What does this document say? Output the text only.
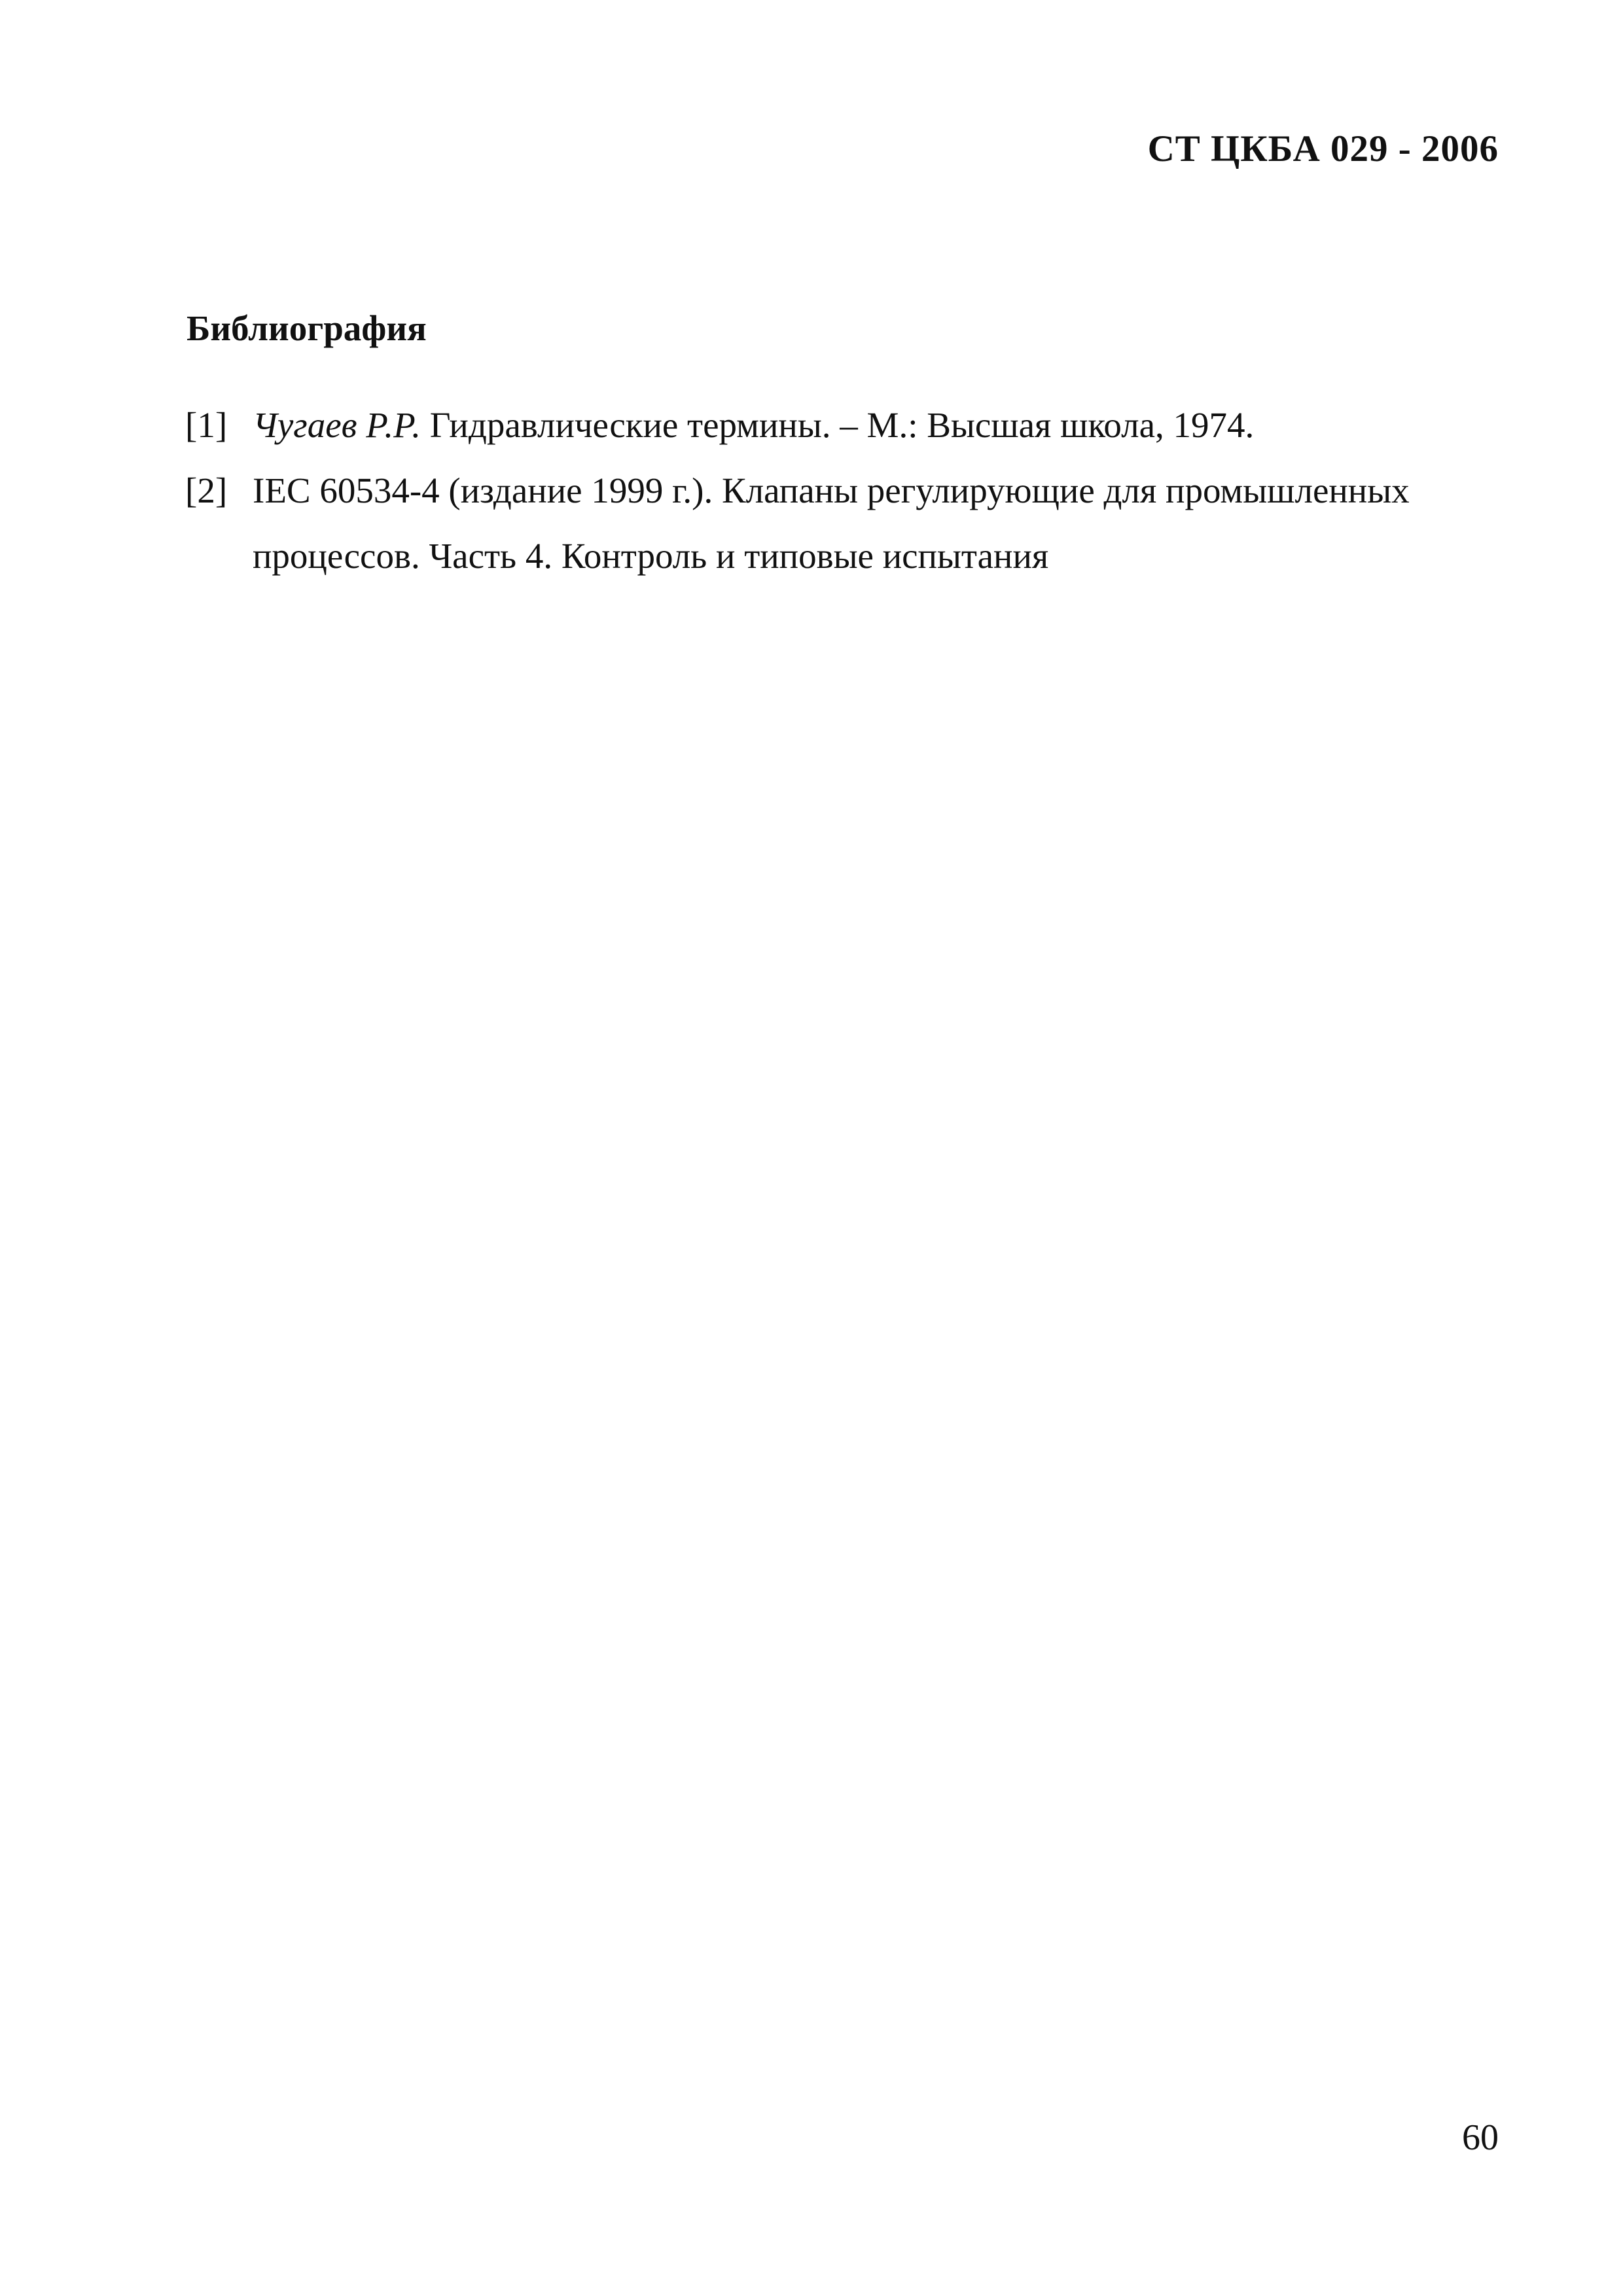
СТ ЦКБА 029 - 2006
Библиография
[1] Чугаев Р.Р. Гидравлические термины. – М.: Высшая школа, 1974.
[2] IEC 60534-4 (издание 1999 г.). Клапаны регулирующие для промышленных процессов. Часть 4. Контроль и типовые испытания
60
